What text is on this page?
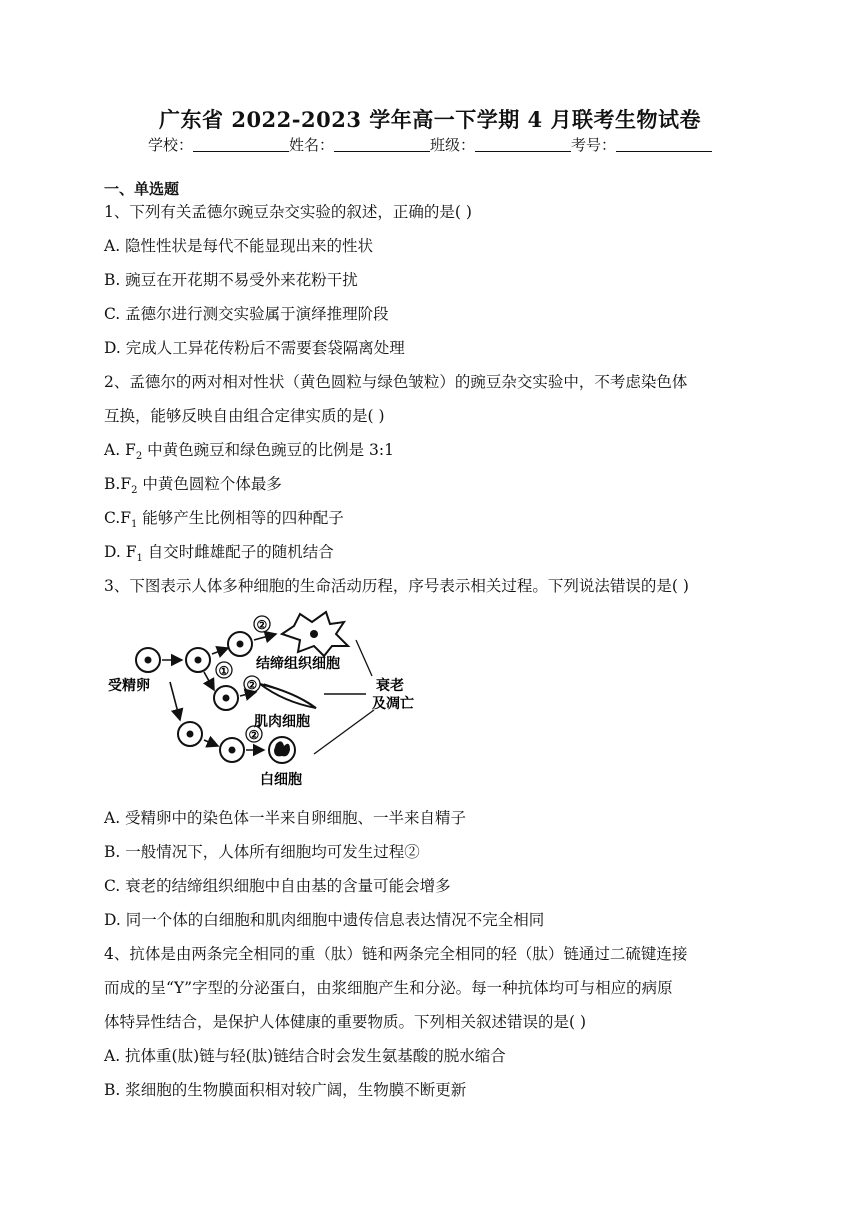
广东省 2022-2023 学年高一下学期 4 月联考生物试卷
学校：	姓名：	班级：	考号：
一、单选题
1、下列有关孟德尔豌豆杂交实验的叙述，正确的是( )
A. 隐性性状是每代不能显现出来的性状
B. 豌豆在开花期不易受外来花粉干扰
C. 孟德尔进行测交实验属于演绎推理阶段
D. 完成人工异花传粉后不需要套袋隔离处理
2、孟德尔的两对相对性状（黄色圆粒与绿色皱粒）的豌豆杂交实验中，不考虑染色体
互换，能够反映自由组合定律实质的是( )
A. $F_2$ 中黄色豌豆和绿色豌豆的比例是 3:1
$B.F_2$ 中黄色圆粒个体最多
$C.F_1$ 能够产生比例相等的四种配子
D. $F_1$ 自交时雌雄配子的随机结合
3、下图表示人体多种细胞的生命活动历程，序号表示相关过程。下列说法错误的是( )
受精卵
②
结缔组织细胞
①
②
肌肉细胞
衰老
及凋亡
②
白细胞
A. 受精卵中的染色体一半来自卵细胞、一半来自精子
B. 一般情况下，人体所有细胞均可发生过程②
C. 衰老的结缔组织细胞中自由基的含量可能会增多
D. 同一个体的白细胞和肌肉细胞中遗传信息表达情况不完全相同
4、抗体是由两条完全相同的重（肽）链和两条完全相同的轻（肽）链通过二硫键连接
而成的呈“Y”字型的分泌蛋白，由浆细胞产生和分泌。每一种抗体均可与相应的病原
体特异性结合，是保护人体健康的重要物质。下列相关叙述错误的是( )
A. 抗体重(肽)链与轻(肽)链结合时会发生氨基酸的脱水缩合
B. 浆细胞的生物膜面积相对较广阔，生物膜不断更新
